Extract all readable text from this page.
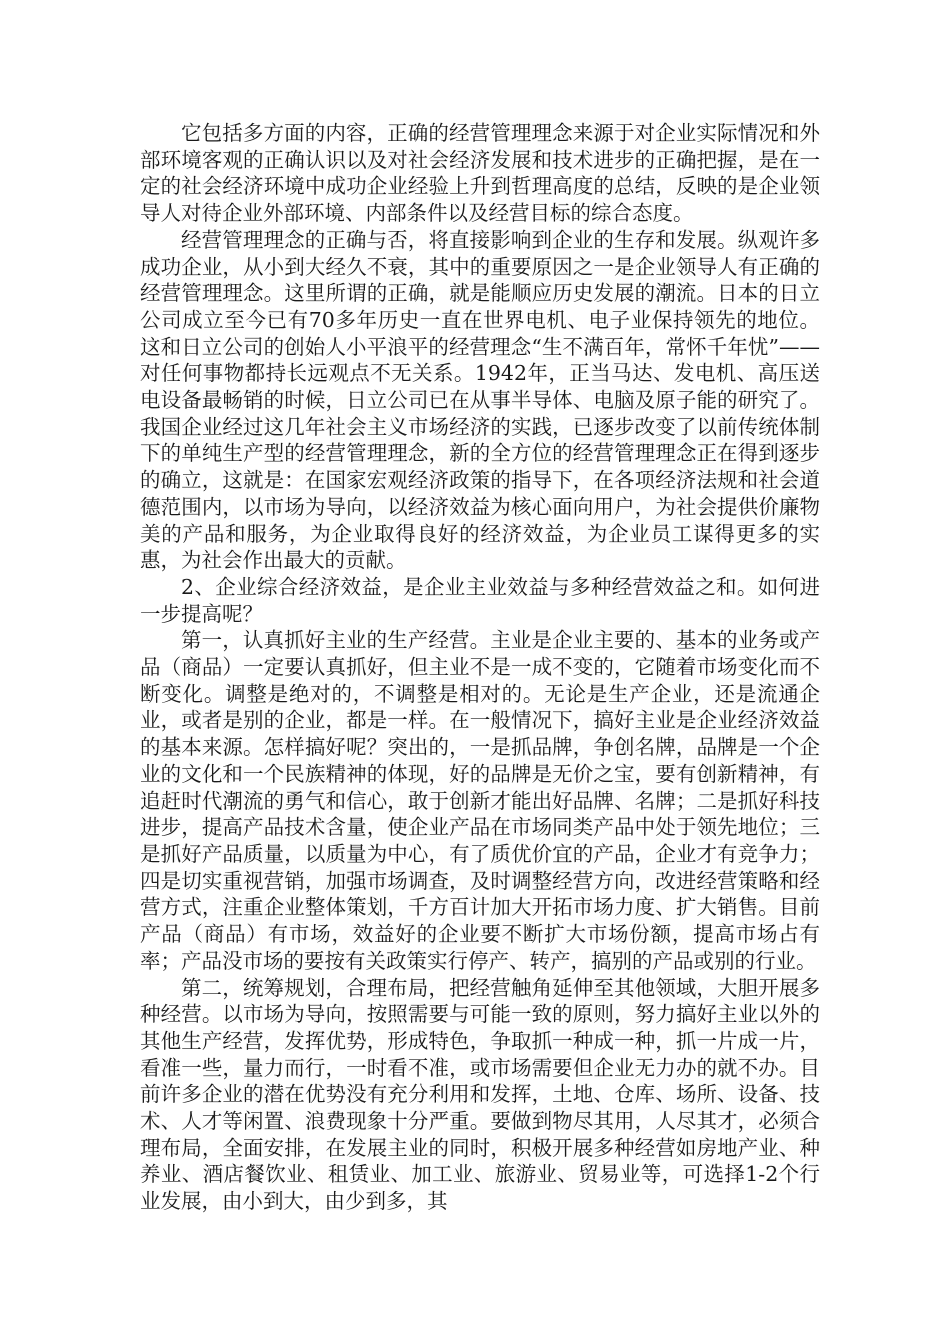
它包括多方面的内容，正确的经营管理理念来源于对企业实际情况和外部环境客观的正确认识以及对社会经济发展和技术进步的正确把握，是在一定的社会经济环境中成功企业经验上升到哲理高度的总结，反映的是企业领导人对待企业外部环境、内部条件以及经营目标的综合态度。

经营管理理念的正确与否，将直接影响到企业的生存和发展。纵观许多成功企业，从小到大经久不衰，其中的重要原因之一是企业领导人有正确的经营管理理念。这里所谓的正确，就是能顺应历史发展的潮流。日本的日立公司成立至今已有70多年历史一直在世界电机、电子业保持领先的地位。这和日立公司的创始人小平浪平的经营理念“生不满百年，常怀千年忧”——对任何事物都持长远观点不无关系。1942年，正当马达、发电机、高压送电设备最畅销的时候，日立公司已在从事半导体、电脑及原子能的研究了。我国企业经过这几年社会主义市场经济的实践，已逐步改变了以前传统体制下的单纯生产型的经营管理理念，新的全方位的经营管理理念正在得到逐步的确立，这就是：在国家宏观经济政策的指导下，在各项经济法规和社会道德范围内，以市场为导向，以经济效益为核心面向用户，为社会提供价廉物美的产品和服务，为企业取得良好的经济效益，为企业员工谋得更多的实惠，为社会作出最大的贡献。

2、企业综合经济效益，是企业主业效益与多种经营效益之和。如何进一步提高呢？

第一，认真抓好主业的生产经营。主业是企业主要的、基本的业务或产品（商品）一定要认真抓好，但主业不是一成不变的，它随着市场变化而不断变化。调整是绝对的，不调整是相对的。无论是生产企业，还是流通企业，或者是别的企业，都是一样。在一般情况下，搞好主业是企业经济效益的基本来源。怎样搞好呢？突出的，一是抓品牌，争创名牌，品牌是一个企业的文化和一个民族精神的体现，好的品牌是无价之宝，要有创新精神，有追赶时代潮流的勇气和信心，敢于创新才能出好品牌、名牌；二是抓好科技进步，提高产品技术含量，使企业产品在市场同类产品中处于领先地位；三是抓好产品质量，以质量为中心，有了质优价宜的产品，企业才有竞争力；四是切实重视营销，加强市场调查，及时调整经营方向，改进经营策略和经营方式，注重企业整体策划，千方百计加大开拓市场力度、扩大销售。目前产品（商品）有市场，效益好的企业要不断扩大市场份额，提高市场占有率；产品没市场的要按有关政策实行停产、转产，搞别的产品或别的行业。

第二，统筹规划，合理布局，把经营触角延伸至其他领域，大胆开展多种经营。以市场为导向，按照需要与可能一致的原则，努力搞好主业以外的其他生产经营，发挥优势，形成特色，争取抓一种成一种，抓一片成一片，看准一些，量力而行，一时看不准，或市场需要但企业无力办的就不办。目前许多企业的潜在优势没有充分利用和发挥，土地、仓库、场所、设备、技术、人才等闲置、浪费现象十分严重。要做到物尽其用，人尽其才，必须合理布局，全面安排，在发展主业的同时，积极开展多种经营如房地产业、种养业、酒店餐饮业、租赁业、加工业、旅游业、贸易业等，可选择1-2个行业发展，由小到大，由少到多，其
